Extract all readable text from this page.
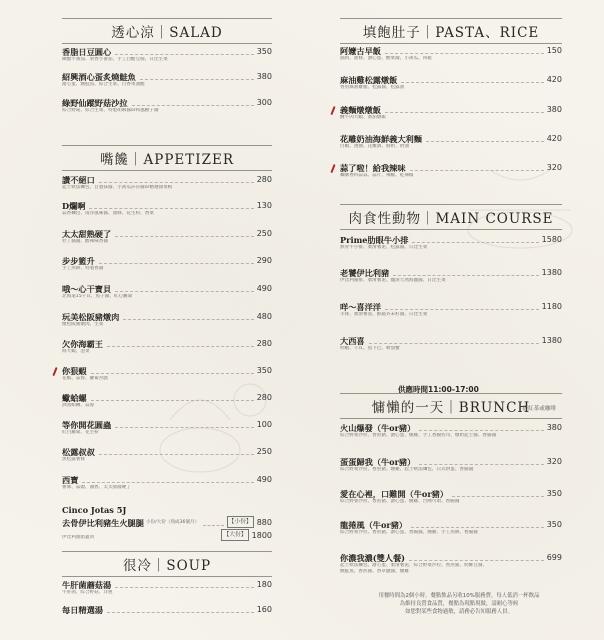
透心涼｜SALAD
香脂日豆圓心	350
陳醋牛番茄、果香小番茄、手工白醋豆腐、日比生菜
紹興酒心蛋炙燒鮭魚	380
溏心蛋、燻鮭魚、綜合生菜、百香果油醋
綠野仙蹤野菇沙拉	300
綜合野菇、綜合生菜、特製胡麻醬or和風柚子醬
嘴饞｜APPETIZER
讚不絕口	280
起士軟法麵包、自製抹醬、小黃瓜莎莎醬or精選甜菜根
D爛啊	130
蒜香麵包、雨洋風味醬、油條、花生粉、香菜
太太甜熟硬了	250
牡丁醬醬、酸辣味香醬
步步籃升	290
手工煎餅、特製香醬
哦～心干寶貝	490
北海道15干貝、魚子醬、紅心蘿蔔
玩美松阪豬燉肉	480
燉松阪豬燉肉、生菜
欠你海霸王	280
海大蝦、泡菜
你狠蝦	350
花椒、蒜蓉、蘿蔔宮戲
蠍蛤螺	280
酒蒸蛤蜊、蒜蓉
等你開花圓蟲	100
紅白蘿蔔、花生粉
松露叔叔	250
黑松露薯條
西寶	490
薯條、蒜頭、醬香、太太甜醬硬了
Cinco Jotas 5J
去骨伊比利豬生火腿腿 小份/大份（熟成36個月）	【小份】 880
伊比利油脂蓋肉	【大份】 1800
很冷｜SOUP
牛肝菌蘑菇湯	180
牛肝菌、綜合野菇、洋蔥
每日精選湯	160
填飽肚子｜PASTA、RICE
阿嬤古早飯	150
滷肉、油條、溏心蛋、酸菜醬、小黃瓜、肉鬆
麻油雞松露燉飯	420
香煎麻油雞腿、松露醬、松露油
義麵燉燉飯	380
醃牛肉大蝦、番茄燉飯
花雕奶油海鮮義大利麵	420
白蝦、透抽、花雕酒、鮮奶、奶油
蒜了啦！給我辣味	320
麵條香料蒜蒜、蒜片、辣椒、乾辣椒
肉食性動物｜MAIN COURSE
Prime肋眼牛小排	1580
無骨牛小排、柔滑薯泥、松露醬、日比生菜
老饕伊比利豬	1380
伊比利豬排、柔滑薯泥、鹽漬天然海鹽醬、日比生菜
咩～喜洋洋	1180
羊排、柔滑薯泥、鮮蔬芥末籽醬、日比生菜
大西喜	1380
明蝦、干貝、魚下巴、軟殼蟹
供應時間11:00-17:00
慵懶的一天｜BRUNCH
搭紅茶或咖啡
火山爆發（牛or豬）	380
綜合野菜沙拉、香煎豬、溏心蛋、燻雞、手工香腸佐司、燉奶起士醬、香腸醬
蛋蛋歸我（牛or豬）	320
綜合野菜沙拉、香煎豬、燻雞、起士軟法麵包、日式烘蛋、香腸醬
愛在心裡，口難開（牛or豬）	350
綜合野菜沙拉、香煎豬、溏心蛋、燻雞、台灣可頌、香腸醬
龍捲風（牛or豬）	350
綜合野菜沙拉、香煎豬、溏心蛋、香腸醬、燻雞、手工煎餅、香腸醬
你濃我濃(雙人餐)	699
起士軟法麵包、溏心蛋、柔滑薯泥、綜合野菜沙拉、香煎豬、奶酥豆腐、
燻鮭魚、香煎豬、香草鹽醬、燻雞
用餐時間為2個小時，餐點飲品另收10%服務費，每人低消一杯飲品
為維持良質食品質，餐點為現點現做，請耐心等候
如您對某些食物過敏，請務必告知服務人員。
